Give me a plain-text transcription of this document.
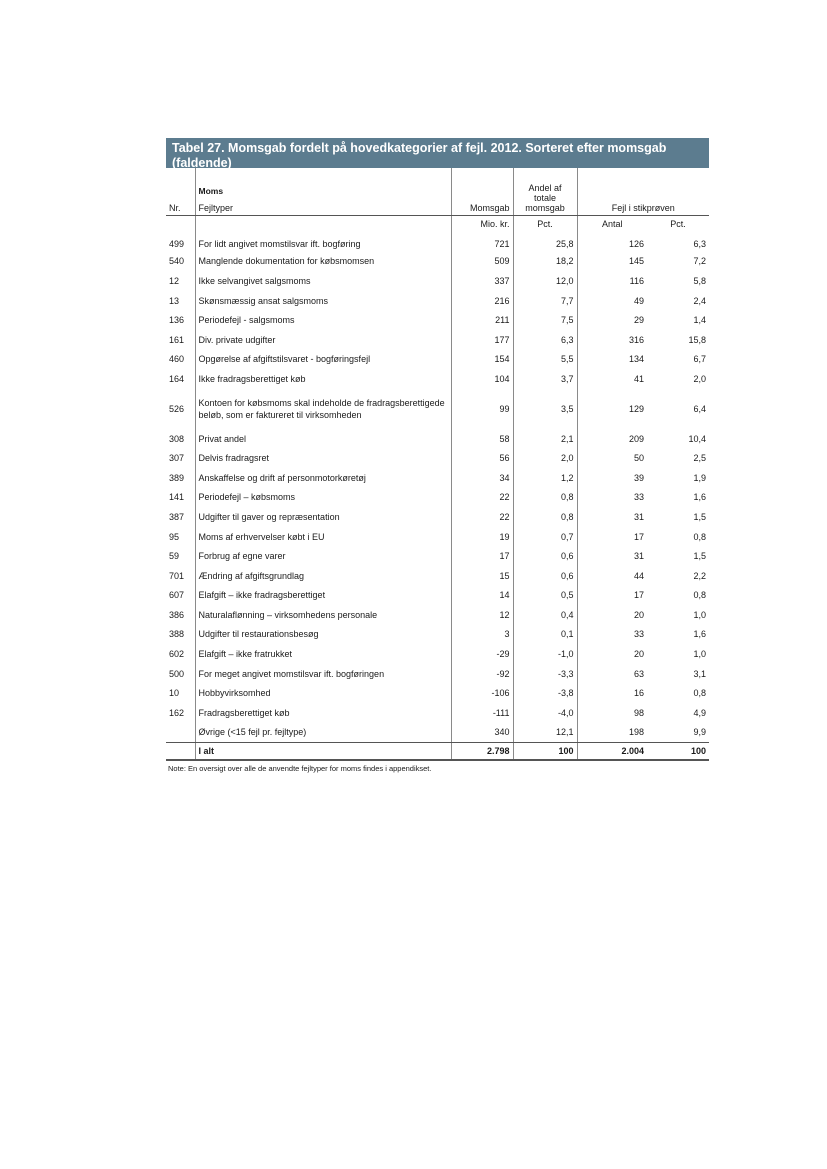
Tabel 27. Momsgab fordelt på hovedkategorier af fejl. 2012. Sorteret efter momsgab (faldende)
Nr.	Moms
Fejltyper	Momsgab	Andel af totale momsgab	Fejl i stikprøven	
		Mio. kr.	Pct.	Antal	Pct.
499	For lidt angivet momstilsvar ift. bogføring	721	25,8	126	6,3
540	Manglende dokumentation for købsmomsen	509	18,2	145	7,2
12	Ikke selvangivet salgsmoms	337	12,0	116	5,8
13	Skønsmæssig ansat salgsmoms	216	7,7	49	2,4
136	Periodefejl - salgsmoms	211	7,5	29	1,4
161	Div. private udgifter	177	6,3	316	15,8
460	Opgørelse af afgiftstilsvaret - bogføringsfejl	154	5,5	134	6,7
164	Ikke fradragsberettiget køb	104	3,7	41	2,0
526	Kontoen for købsmoms skal indeholde de fradragsberettigede beløb, som er faktureret til virksomheden	99	3,5	129	6,4
308	Privat andel	58	2,1	209	10,4
307	Delvis fradragsret	56	2,0	50	2,5
389	Anskaffelse og drift af personmotorkøretøj	34	1,2	39	1,9
141	Periodefejl – købsmoms	22	0,8	33	1,6
387	Udgifter til gaver og repræsentation	22	0,8	31	1,5
95	Moms af erhvervelser købt i EU	19	0,7	17	0,8
59	Forbrug af egne varer	17	0,6	31	1,5
701	Ændring af afgiftsgrundlag	15	0,6	44	2,2
607	Elafgift – ikke fradragsberettiget	14	0,5	17	0,8
386	Naturalaflønning – virksomhedens personale	12	0,4	20	1,0
388	Udgifter til restaurationsbesøg	3	0,1	33	1,6
602	Elafgift – ikke fratrukket	-29	-1,0	20	1,0
500	For meget angivet momstilsvar ift. bogføringen	-92	-3,3	63	3,1
10	Hobbyvirksomhed	-106	-3,8	16	0,8
162	Fradragsberettiget køb	-111	-4,0	98	4,9
	Øvrige (<15 fejl pr. fejltype)	340	12,1	198	9,9
	I alt	2.798	100	2.004	100
Note: En oversigt over alle de anvendte fejltyper for moms findes i appendikset.
